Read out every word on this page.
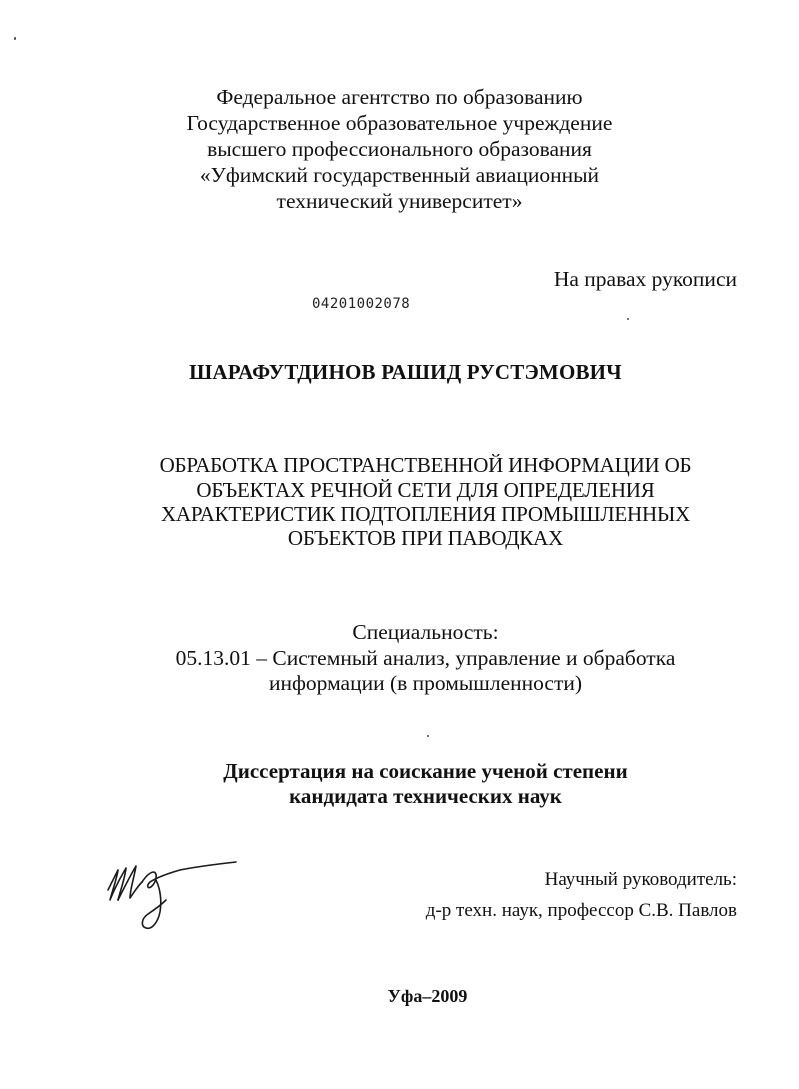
Федеральное агентство по образованию
Государственное образовательное учреждение
высшего профессионального образования
«Уфимский государственный авиационный
технический университет»
На правах рукописи
04201002078
ШАРАФУТДИНОВ РАШИД РУСТЭМОВИЧ
ОБРАБОТКА ПРОСТРАНСТВЕННОЙ ИНФОРМАЦИИ ОБ
ОБЪЕКТАХ РЕЧНОЙ СЕТИ ДЛЯ ОПРЕДЕЛЕНИЯ
ХАРАКТЕРИСТИК ПОДТОПЛЕНИЯ ПРОМЫШЛЕННЫХ
ОБЪЕКТОВ ПРИ ПАВОДКАХ
Специальность:
05.13.01 – Системный анализ, управление и обработка
информации (в промышленности)
Диссертация на соискание ученой степени
кандидата технических наук
Научный руководитель:
д-р техн. наук, профессор С.В. Павлов
Уфа–2009
